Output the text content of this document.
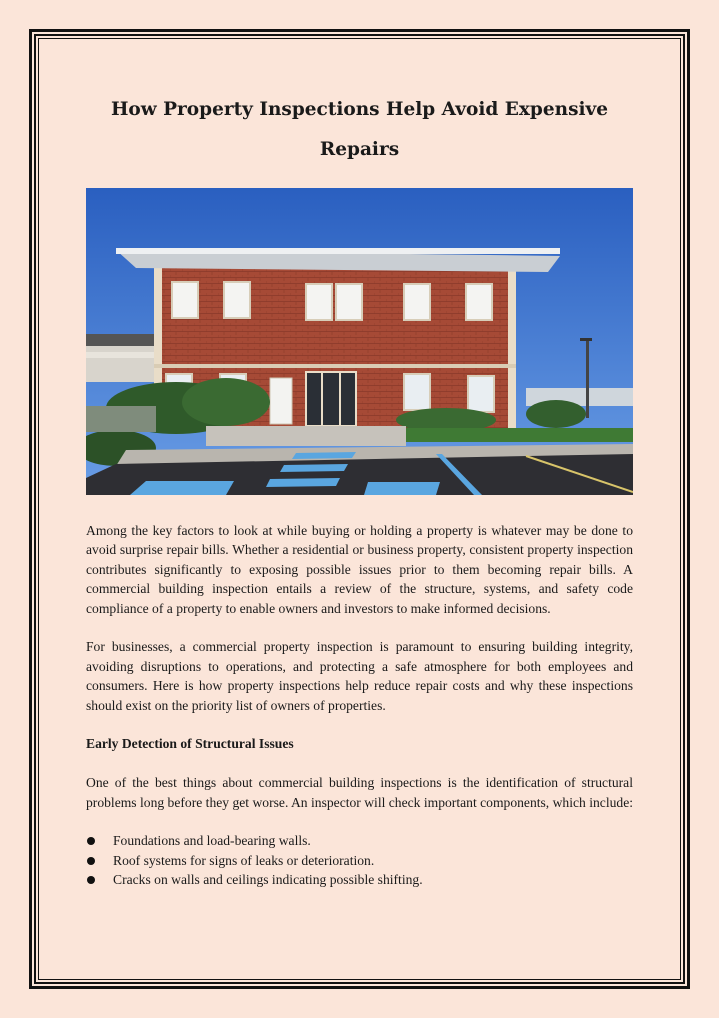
How Property Inspections Help Avoid Expensive Repairs

Among the key factors to look at while buying or holding a property is whatever may be done to avoid surprise repair bills. Whether a residential or business property, consistent property inspection contributes significantly to exposing possible issues prior to them becoming repair bills. A commercial building inspection entails a review of the structure, systems, and safety code compliance of a property to enable owners and investors to make informed decisions.

For businesses, a commercial property inspection is paramount to ensuring building integrity, avoiding disruptions to operations, and protecting a safe atmosphere for both employees and consumers. Here is how property inspections help reduce repair costs and why these inspections should exist on the priority list of owners of properties.

Early Detection of Structural Issues

One of the best things about commercial building inspections is the identification of structural problems long before they get worse. An inspector will check important components, which include:

Foundations and load-bearing walls.
Roof systems for signs of leaks or deterioration.
Cracks on walls and ceilings indicating possible shifting.
